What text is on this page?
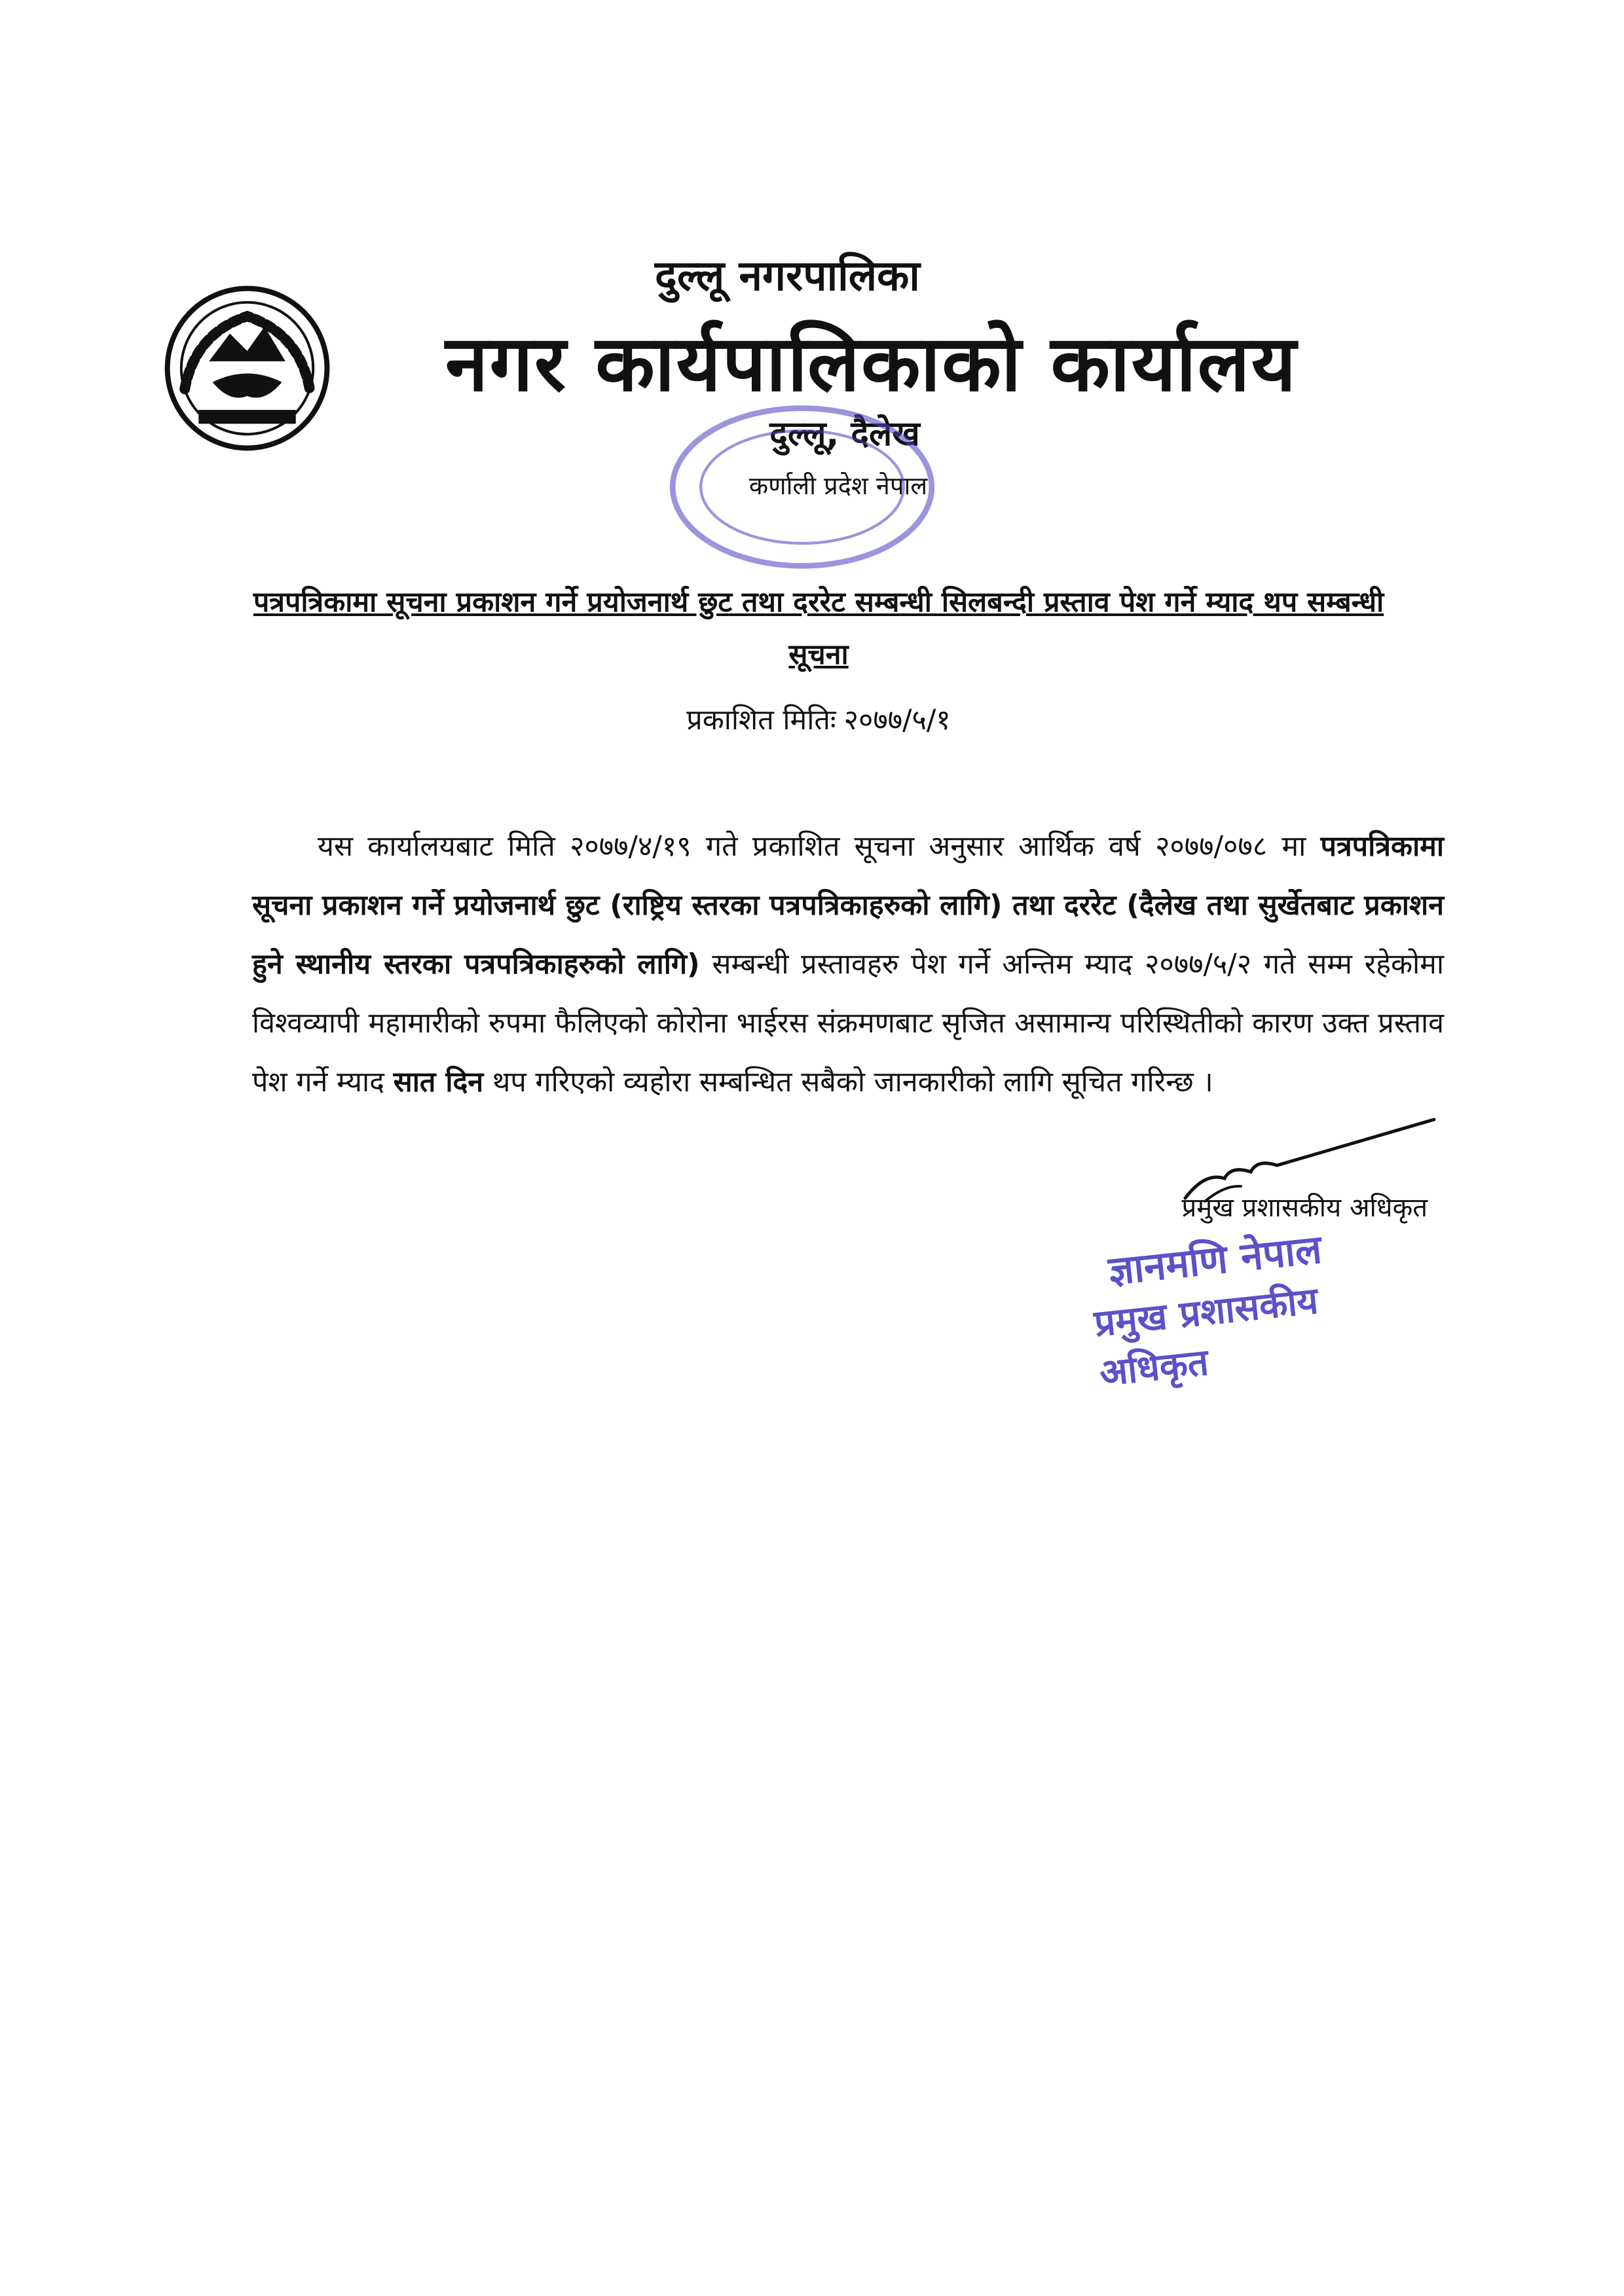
दुल्लू नगरपालिका
नगर कार्यपालिकाको कार्यालय
दुल्लू, दैलेख
कर्णाली प्रदेश नेपाल
पत्रपत्रिकामा सूचना प्रकाशन गर्ने प्रयोजनार्थ छुट तथा दररेट सम्बन्धी सिलबन्दी प्रस्ताव पेश गर्ने म्याद थप सम्बन्धी सूचना
प्रकाशित मितिः २०७७/५/१

यस कार्यालयबाट मिति २०७७/४/१९ गते प्रकाशित सूचना अनुसार आर्थिक वर्ष २०७७/०७८ मा पत्रपत्रिकामा सूचना प्रकाशन गर्ने प्रयोजनार्थ छुट (राष्ट्रिय स्तरका पत्रपत्रिकाहरुको लागि) तथा दररेट (दैलेख तथा सुर्खेतबाट प्रकाशन हुने स्थानीय स्तरका पत्रपत्रिकाहरुको लागि) सम्बन्धी प्रस्तावहरु पेश गर्ने अन्तिम म्याद २०७७/५/२ गते सम्म रहेकोमा विश्वव्यापी महामारीको रुपमा फैलिएको कोरोना भाईरस संक्रमणबाट सृजित असामान्य परिस्थितीको कारण उक्त प्रस्ताव पेश गर्ने म्याद सात दिन थप गरिएको व्यहोरा सम्बन्धित सबैको जानकारीको लागि सूचित गरिन्छ ।

प्रमुख प्रशासकीय अधिकृत
ज्ञानमणि नेपाल
प्रमुख प्रशासकीय अधिकृत
